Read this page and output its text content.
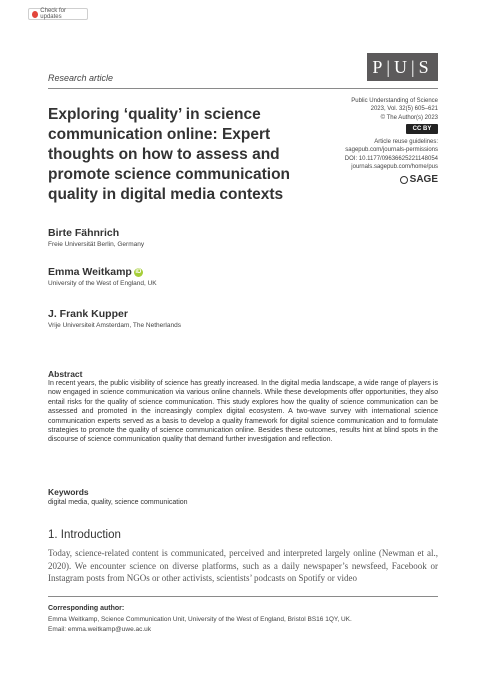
Check for updates
Research article
P|U|S
Exploring ‘quality’ in science communication online: Expert thoughts on how to assess and promote science communication quality in digital media contexts
Public Understanding of Science
2023, Vol. 32(5) 605–621
© The Author(s) 2023
CC BY
Article reuse guidelines:
sagepub.com/journals-permissions
DOI: 10.1177/09636625221148054
journals.sagepub.com/home/pus
SAGE
Birte Fähnrich
Freie Universität Berlin, Germany
Emma Weitkamp iD
University of the West of England, UK
J. Frank Kupper
Vrije Universiteit Amsterdam, The Netherlands
Abstract
In recent years, the public visibility of science has greatly increased. In the digital media landscape, a wide range of players is now engaged in science communication via various online channels. While these developments offer opportunities, they also entail risks for the quality of science communication. This study explores how the quality of science communication can be assessed and promoted in the increasingly complex digital ecosystem. A two-wave survey with international science communication experts served as a basis to develop a quality framework for digital science communication and to formulate strategies to promote the quality of science communication online. Besides these outcomes, results hint at blind spots in the discourse of science communication quality that demand further investigation and reflection.
Keywords
digital media, quality, science communication
1. Introduction
Today, science-related content is communicated, perceived and interpreted largely online (Newman et al., 2020). We encounter science on diverse platforms, such as a daily newspaper’s newsfeed, Facebook or Instagram posts from NGOs or other activists, scientists’ podcasts on Spotify or video
Corresponding author:
Emma Weitkamp, Science Communication Unit, University of the West of England, Bristol BS16 1QY, UK.
Email: emma.weitkamp@uwe.ac.uk
